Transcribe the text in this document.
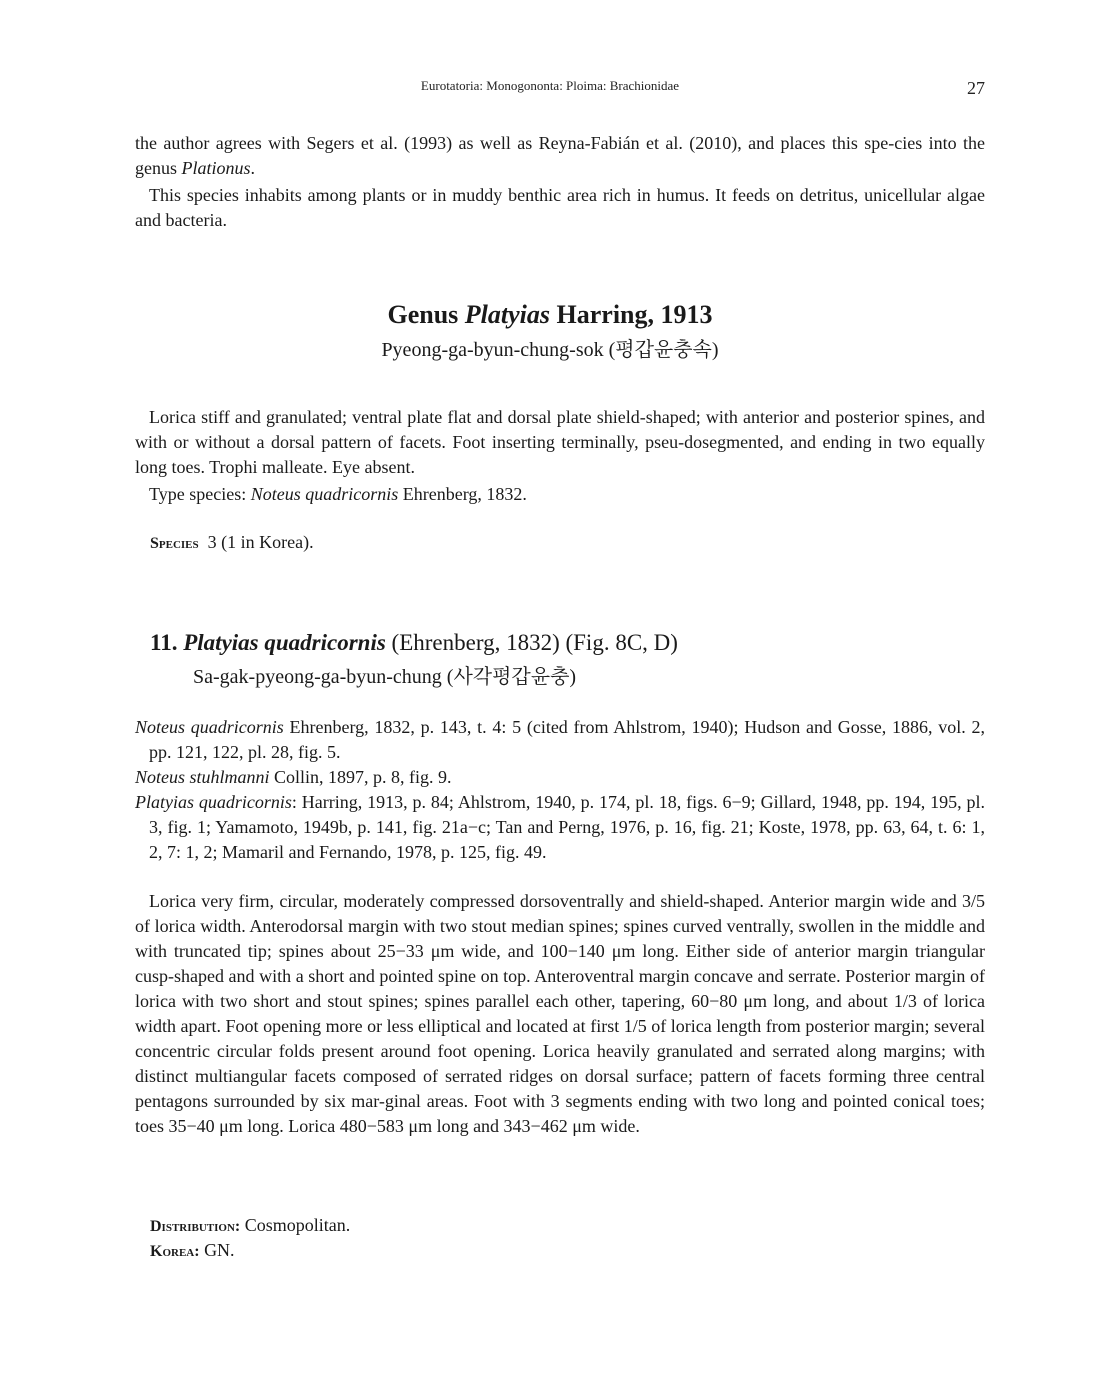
Eurotatoria: Monogononta: Ploima: Brachionidae	27
the author agrees with Segers et al. (1993) as well as Reyna-Fabián et al. (2010), and places this spe-cies into the genus Plationus.
This species inhabits among plants or in muddy benthic area rich in humus. It feeds on detritus, unicellular algae and bacteria.
Genus Platyias Harring, 1913
Pyeong-ga-byun-chung-sok (평갑윤충속)
Lorica stiff and granulated; ventral plate flat and dorsal plate shield-shaped; with anterior and posterior spines, and with or without a dorsal pattern of facets. Foot inserting terminally, pseu-dosegmented, and ending in two equally long toes. Trophi malleate. Eye absent.
Type species: Noteus quadricornis Ehrenberg, 1832.
Species 3 (1 in Korea).
11. Platyias quadricornis (Ehrenberg, 1832) (Fig. 8C, D)
Sa-gak-pyeong-ga-byun-chung (사각평갑윤충)
Noteus quadricornis Ehrenberg, 1832, p. 143, t. 4: 5 (cited from Ahlstrom, 1940); Hudson and Gosse, 1886, vol. 2, pp. 121, 122, pl. 28, fig. 5.
Noteus stuhlmanni Collin, 1897, p. 8, fig. 9.
Platyias quadricornis: Harring, 1913, p. 84; Ahlstrom, 1940, p. 174, pl. 18, figs. 6−9; Gillard, 1948, pp. 194, 195, pl. 3, fig. 1; Yamamoto, 1949b, p. 141, fig. 21a−c; Tan and Perng, 1976, p. 16, fig. 21; Koste, 1978, pp. 63, 64, t. 6: 1, 2, 7: 1, 2; Mamaril and Fernando, 1978, p. 125, fig. 49.
Lorica very firm, circular, moderately compressed dorsoventrally and shield-shaped. Anterior margin wide and 3/5 of lorica width. Anterodorsal margin with two stout median spines; spines curved ventrally, swollen in the middle and with truncated tip; spines about 25−33 μm wide, and 100−140 μm long. Either side of anterior margin triangular cusp-shaped and with a short and pointed spine on top. Anteroventral margin concave and serrate. Posterior margin of lorica with two short and stout spines; spines parallel each other, tapering, 60−80 μm long, and about 1/3 of lorica width apart. Foot opening more or less elliptical and located at first 1/5 of lorica length from posterior margin; several concentric circular folds present around foot opening. Lorica heavily granulated and serrated along margins; with distinct multiangular facets composed of serrated ridges on dorsal surface; pattern of facets forming three central pentagons surrounded by six mar-ginal areas. Foot with 3 segments ending with two long and pointed conical toes; toes 35−40 μm long. Lorica 480−583 μm long and 343−462 μm wide.
Distribution: Cosmopolitan.
Korea: GN.
